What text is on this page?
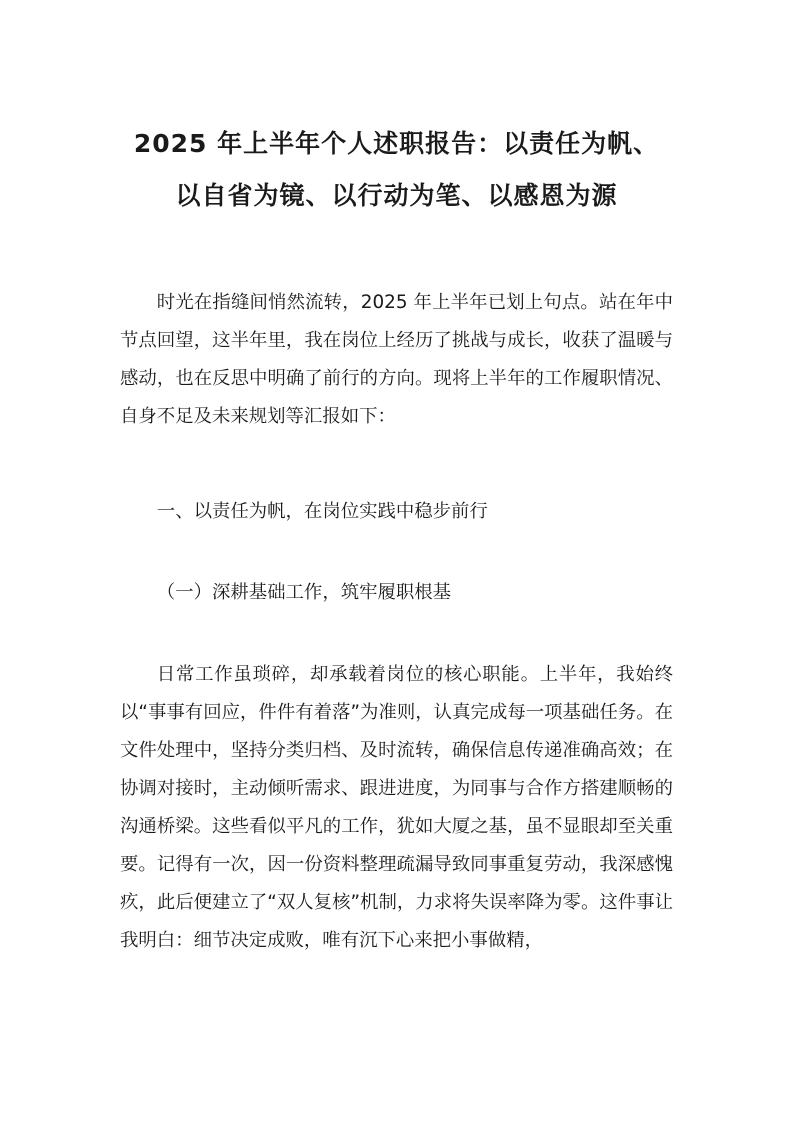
2025 年上半年个人述职报告：以责任为帆、
以自省为镜、以行动为笔、以感恩为源

时光在指缝间悄然流转，2025 年上半年已划上句点。站在年中节点回望，这半年里，我在岗位上经历了挑战与成长，收获了温暖与感动，也在反思中明确了前行的方向。现将上半年的工作履职情况、自身不足及未来规划等汇报如下：

一、以责任为帆，在岗位实践中稳步前行

（一）深耕基础工作，筑牢履职根基

日常工作虽琐碎，却承载着岗位的核心职能。上半年，我始终以“事事有回应，件件有着落”为准则，认真完成每一项基础任务。在文件处理中，坚持分类归档、及时流转，确保信息传递准确高效；在协调对接时，主动倾听需求、跟进进度，为同事与合作方搭建顺畅的沟通桥梁。这些看似平凡的工作，犹如大厦之基，虽不显眼却至关重要。记得有一次，因一份资料整理疏漏导致同事重复劳动，我深感愧疚，此后便建立了“双人复核”机制，力求将失误率降为零。这件事让我明白：细节决定成败，唯有沉下心来把小事做精，
